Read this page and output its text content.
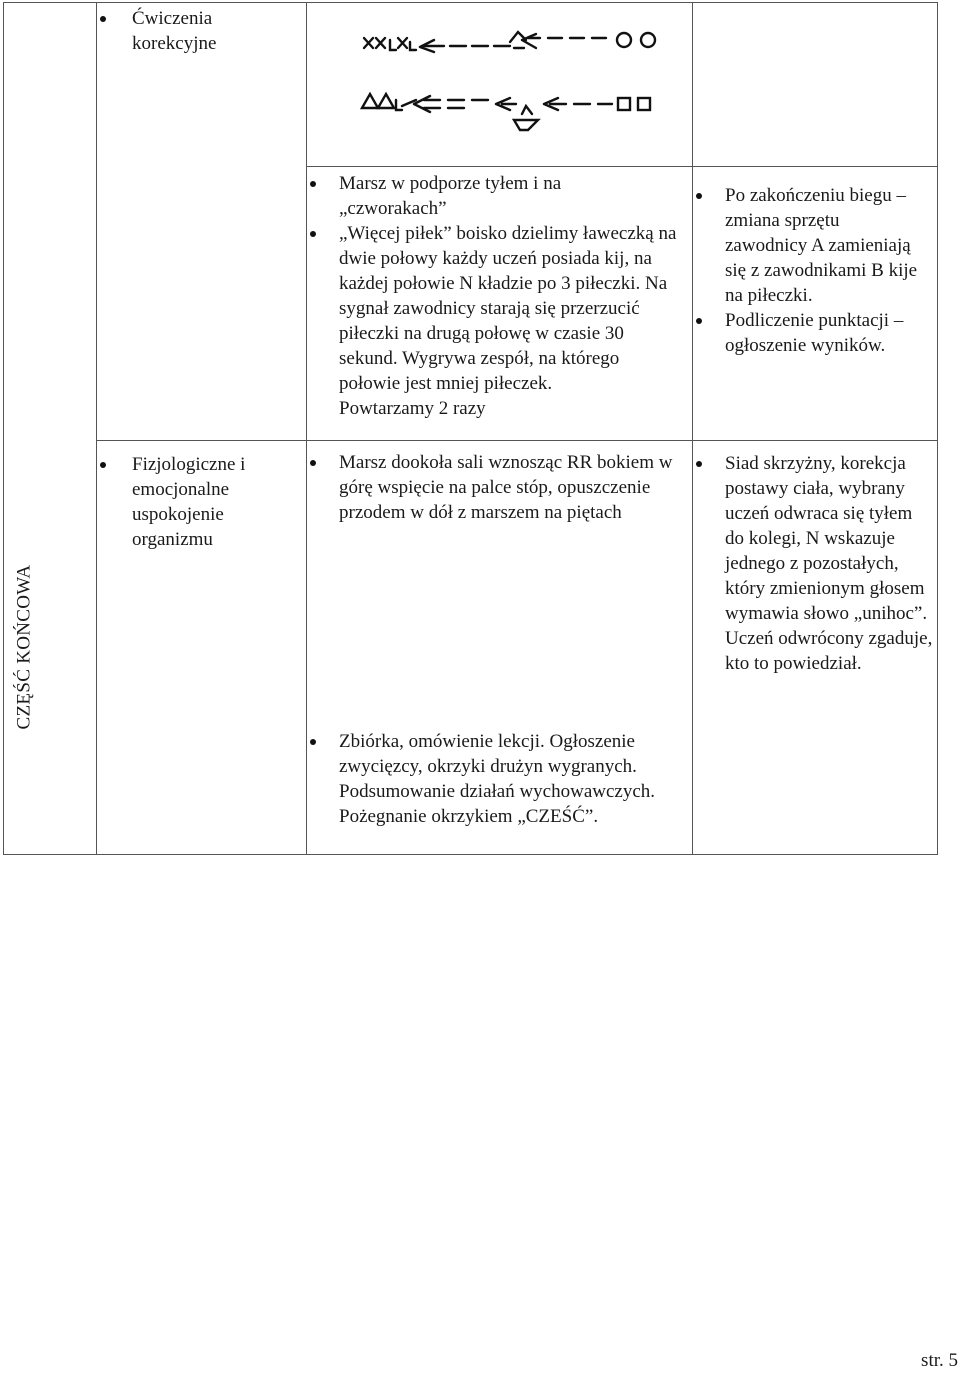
Ćwiczenia korekcyjne
Marsz w podporze tyłem i na „czworakach”
„Więcej piłek” boisko dzielimy ławeczką na dwie połowy każdy uczeń posiada kij, na każdej połowie N kładzie po 3 piłeczki. Na sygnał zawodnicy starają się przerzucić piłeczki na drugą połowę w czasie 30 sekund. Wygrywa zespół, na którego połowie jest mniej piłeczek.
Powtarzamy 2 razy
Po zakończeniu biegu – zmiana sprzętu zawodnicy A zamieniają się z zawodnikami B kije na piłeczki.
Podliczenie punktacji – ogłoszenie wyników.
CZĘŚĆ KOŃCOWA
Fizjologiczne i emocjonalne uspokojenie organizmu
Marsz dookoła sali wznosząc RR bokiem w górę wspięcie na palce stóp, opuszczenie przodem w dół z marszem na piętach
Zbiórka, omówienie lekcji. Ogłoszenie zwycięzcy, okrzyki drużyn wygranych. Podsumowanie działań wychowawczych. Pożegnanie okrzykiem „CZEŚĆ”.
Siad skrzyżny, korekcja postawy ciała, wybrany uczeń odwraca się tyłem do kolegi, N wskazuje jednego z pozostałych, który zmienionym głosem wymawia słowo „unihoc”. Uczeń odwrócony zgaduje, kto to powiedział.
str. 5
